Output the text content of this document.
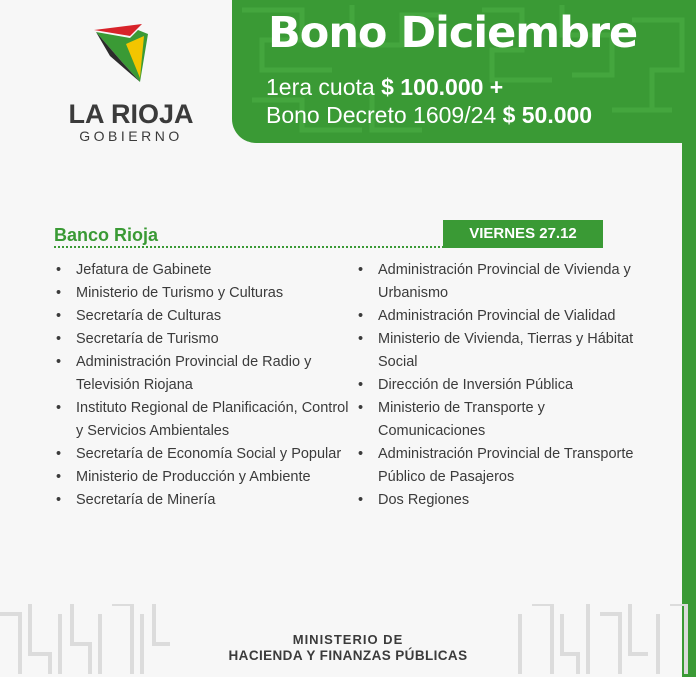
Bono Diciembre
1era cuota $ 100.000 +
Bono Decreto 1609/24 $ 50.000
LA RIOJA
GOBIERNO
Banco Rioja	VIERNES 27.12
• Jefatura de Gabinete
• Ministerio de Turismo y Culturas
• Secretaría de Culturas
• Secretaría de Turismo
• Administración Provincial de Radio y Televisión Riojana
• Instituto Regional de Planificación, Control y Servicios Ambientales
• Secretaría de Economía Social y Popular
• Ministerio de Producción y Ambiente
• Secretaría de Minería
• Administración Provincial de Vivienda y Urbanismo
• Administración Provincial de Vialidad
• Ministerio de Vivienda, Tierras y Hábitat Social
• Dirección de Inversión Pública
• Ministerio de Transporte y Comunicaciones
• Administración Provincial de Transporte Público de Pasajeros
• Dos Regiones
MINISTERIO DE
HACIENDA Y FINANZAS PÚBLICAS
